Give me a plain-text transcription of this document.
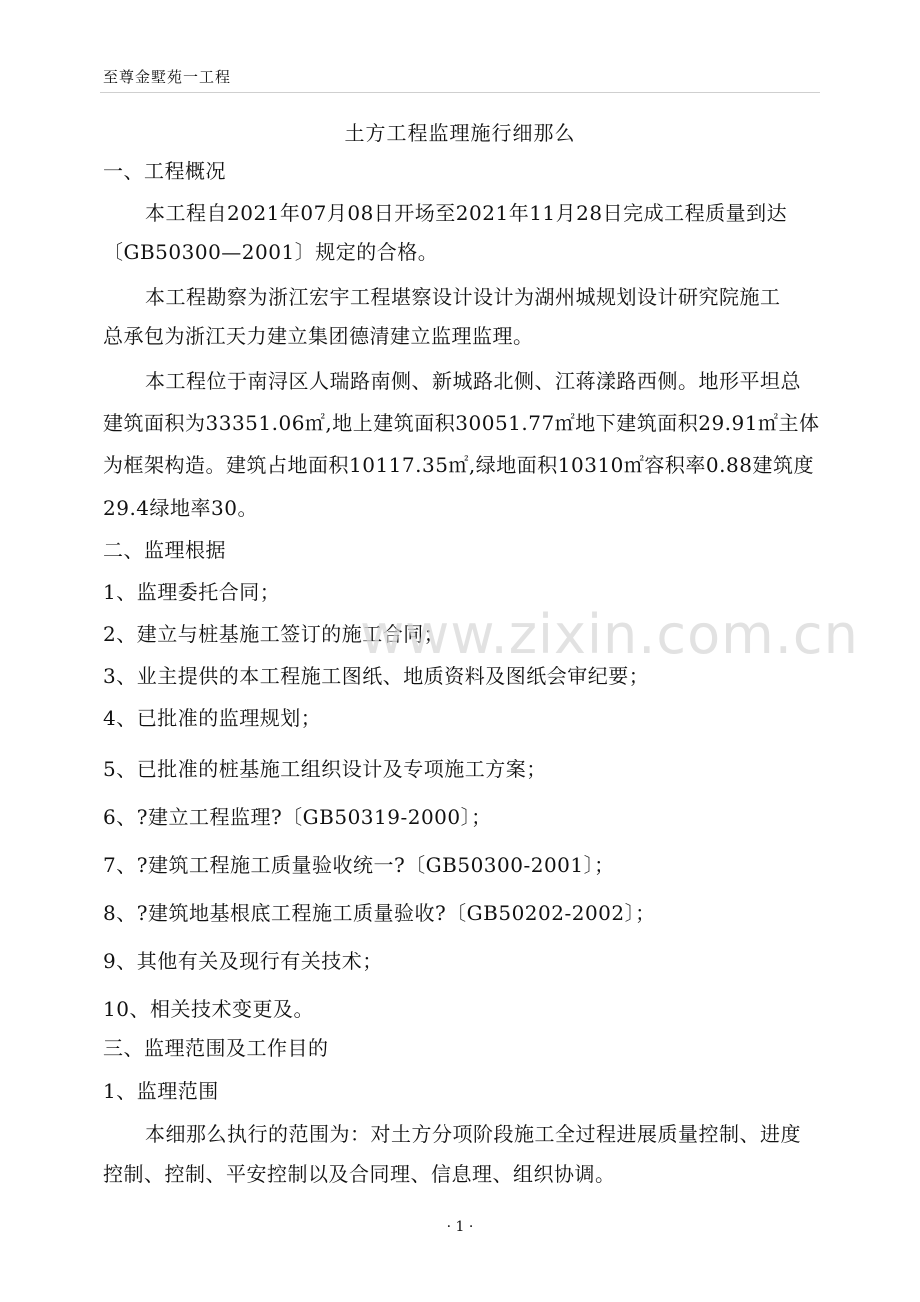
至尊金墅苑一工程
土方工程监理施行细那么
一、工程概况
本工程自2021年07月08日开场至2021年11月28日完成工程质量到达
〔GB50300—2001〕规定的合格。
本工程勘察为浙江宏宇工程堪察设计设计为湖州城规划设计研究院施工
总承包为浙江天力建立集团德清建立监理监理。
本工程位于南浔区人瑞路南侧、新城路北侧、江蒋漾路西侧。地形平坦总
建筑面积为33351.06㎡,地上建筑面积30051.77㎡地下建筑面积29.91㎡主体
为框架构造。建筑占地面积10117.35㎡,绿地面积10310㎡容积率0.88建筑度
29.4绿地率30。
二、监理根据
1、监理委托合同；
2、建立与桩基施工签订的施工合同；
3、业主提供的本工程施工图纸、地质资料及图纸会审纪要；
4、已批准的监理规划；
5、已批准的桩基施工组织设计及专项施工方案；
6、?建立工程监理?〔GB50319-2000〕；
7、?建筑工程施工质量验收统一?〔GB50300-2001〕；
8、?建筑地基根底工程施工质量验收?〔GB50202-2002〕；
9、其他有关及现行有关技术；
10、相关技术变更及。
三、监理范围及工作目的
1、监理范围
本细那么执行的范围为：对土方分项阶段施工全过程进展质量控制、进度
控制、控制、平安控制以及合同理、信息理、组织协调。
www.zixin.com.cn
· 1 ·
